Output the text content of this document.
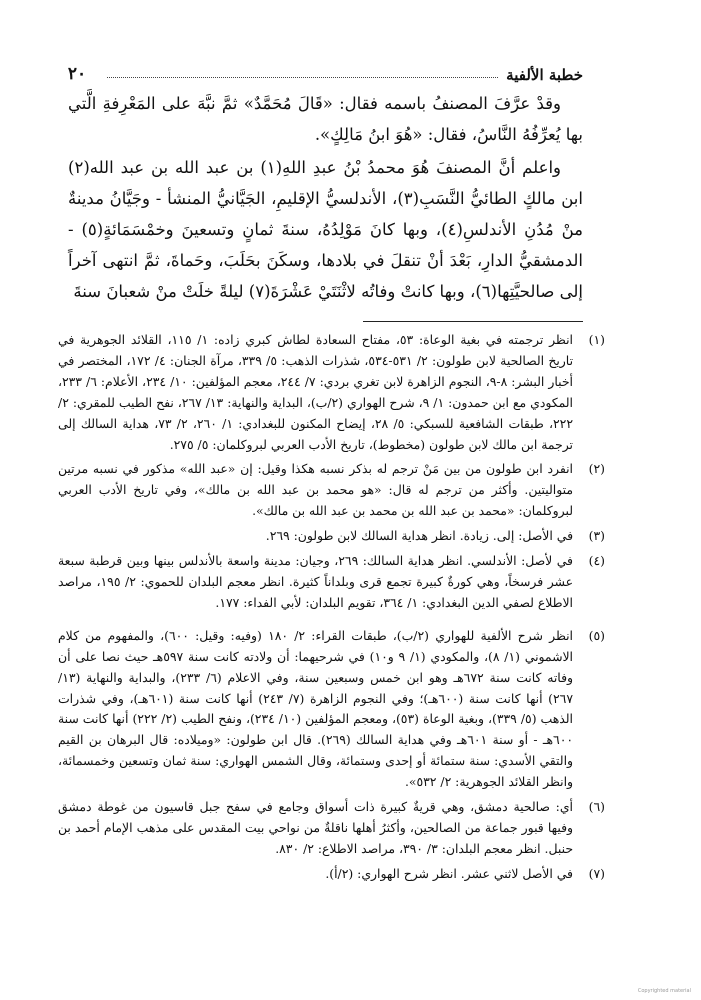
٢٠	خطبة الألفية

وقدْ عرَّفَ المصنفُ باسمه فقال: «قَالَ مُحَمَّدٌ» ثمَّ نبَّهَ على المَعْرِفةِ الَّتي بها يُعرِّفُهُ النَّاسُ، فقال: «هُوَ ابنُ مَالِكٍ».

واعلم أنَّ المصنفَ هُوَ محمدُ بْنُ عبدِ اللهِ(١) بن عبد الله بن عبد الله(٢) ابن مالكٍ الطائيُّ النَّسَبِ(٣)، الأندلسيُّ الإقليمِ، الجَيَّانيُّ المنشأ - وجَيَّانُ مدينةٌ منْ مُدُنِ الأندلسِ(٤)، وبها كانَ مَوْلِدُهُ، سنةَ ثمانٍ وتسعينَ وخمْسَمَائةٍ(٥) - الدمشقيُّ الدارِ، بَعْدَ أنْ تنقلَ في بلادها، وسكَنَ بحَلَبَ، وحَماةَ، ثمَّ انتهى آخراً إلى صالحيَّتِها(٦)، وبها كانتْ وفاتُه لاثْنَتَيْ عَشْرَةَ(٧) ليلةً خلَتْ منْ شعبانَ سنةَ

(١)
انظر ترجمته في بغية الوعاة: ٥٣، مفتاح السعادة لطاش كبري زاده: ١/ ١١٥، القلائد الجوهرية في تاريخ الصالحية لابن طولون: ٢/ ٥٣١-٥٣٤، شذرات الذهب: ٥/ ٣٣٩، مرآة الجنان: ٤/ ١٧٢، المختصر في أخبار البشر: ٨-٩، النجوم الزاهرة لابن تغري بردي: ٧/ ٢٤٤، معجم المؤلفين: ١٠/ ٢٣٤، الأعلام: ٦/ ٢٣٣، المكودي مع ابن حمدون: ١/ ٩، شرح الهواري (٢/ب)، البداية والنهاية: ١٣/ ٢٦٧، نفح الطيب للمقري: ٢/ ٢٢٢، طبقات الشافعية للسبكي: ٥/ ٢٨، إيضاح المكنون للبغدادي: ١/ ٢٦٠، ٢/ ٧٣، هداية السالك إلى ترجمة ابن مالك لابن طولون (مخطوط)، تاريخ الأدب العربي لبروكلمان: ٥/ ٢٧٥.
(٢)
انفرد ابن طولون من بين مَنْ ترجم له بذكر نسبه هكذا وقيل: إن «عبد الله» مذكور في نسبه مرتين متواليتين. وأكثر من ترجم له قال: «هو محمد بن عبد الله بن مالك»، وفي تاريخ الأدب العربي لبروكلمان: «محمد بن عبد الله بن محمد بن عبد الله بن مالك».
(٣)
في الأصل: إلى. زيادة. انظر هداية السالك لابن طولون: ٢٦٩.
(٤)
في لأصل: الأندلسي. انظر هداية السالك: ٢٦٩، وجيان: مدينة واسعة بالأندلس بينها وبين قرطبة سبعة عشر فرسخاً، وهي كورةٌ كبيرة تجمع قرى وبلداناً كثيرة. انظر معجم البلدان للحموي: ٢/ ١٩٥، مراصد الاطلاع لصفي الدين البغدادي: ١/ ٣٦٤، تقويم البلدان: لأبي الفداء: ١٧٧.
(٥)
انظر شرح الألفية للهواري (٢/ب)، طبقات القراء: ٢/ ١٨٠ (وفيه: وقيل: ٦٠٠)، والمفهوم من كلام الاشموني (١/ ٨)، والمكودي (١/ ٩ و١٠) في شرحيهما: أن ولادته كانت سنة ٥٩٧هـ حيث نصا على أن وفاته كانت سنة ٦٧٢هـ وهو ابن خمس وسبعين سنة، وفي الاعلام (٦/ ٢٣٣)، والبداية والنهاية (١٣/ ٢٦٧) أنها كانت سنة (٦٠٠هـ)؛ وفي النجوم الزاهرة (٧/ ٢٤٣) أنها كانت سنة (٦٠١هـ)، وفي شذرات الذهب (٥/ ٣٣٩)، وبغية الوعاة (٥٣)، ومعجم المؤلفين (١٠/ ٢٣٤)، ونفح الطيب (٢/ ٢٢٢) أنها كانت سنة ٦٠٠هـ - أو سنة ٦٠١هـ وفي هداية السالك (٢٦٩). قال ابن طولون: «وميلاده: قال البرهان بن القيم والتقي الأسدي: سنة ستمائة أو إحدى وستمائة، وقال الشمس الهواري: سنة ثمان وتسعين وخمسمائة، وانظر القلائد الجوهرية: ٢/ ٥٣٢».
(٦)
أي: صالحية دمشق، وهي قريةٌ كبيرة ذات أسواق وجامع في سفح جبل قاسيون من غوطة دمشق وفيها قبور جماعة من الصالحين، وأكثرُ أهلها ناقلةٌ من نواحي بيت المقدس على مذهب الإمام أحمد بن حنبل. انظر معجم البلدان: ٣/ ٣٩٠، مراصد الاطلاع: ٢/ ٨٣٠.
(٧)
في الأصل لاثني عشر. انظر شرح الهواري: (٢/أ).
Copyrighted material
